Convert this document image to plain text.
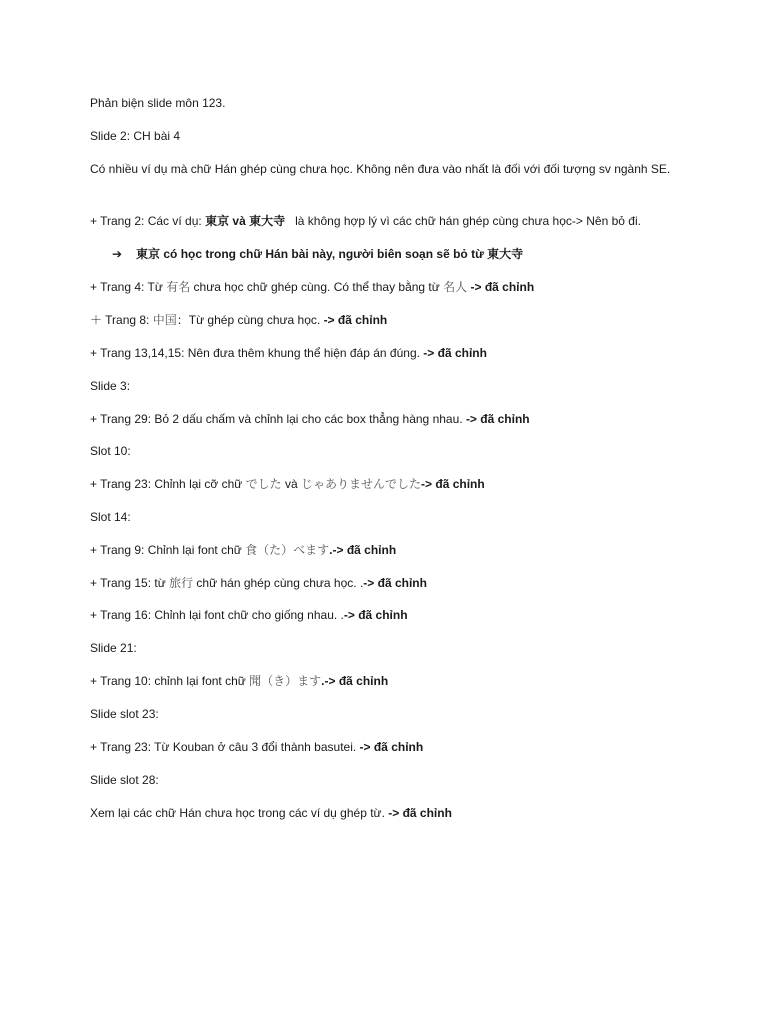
Phản biện slide môn 123.
Slide 2: CH bài 4
Có nhiều ví dụ mà chữ Hán ghép cùng chưa học. Không nên đưa vào nhất là đối với đối tượng sv ngành SE.
+ Trang 2: Các ví dụ: 東京 và 東大寺 là không hợp lý vì các chữ hán ghép cùng chưa học-> Nên bỏ đi.
➔ 東京 có học trong chữ Hán bài này, người biên soạn sẽ bỏ từ 東大寺
+ Trang 4: Từ 有名 chưa học chữ ghép cùng. Có thể thay bằng từ 名人 -> đã chỉnh
＋ Trang 8: 中国：Từ ghép cùng chưa học. -> đã chỉnh
+ Trang 13,14,15: Nên đưa thêm khung thể hiện đáp án đúng. -> đã chỉnh
Slide 3:
+ Trang 29: Bỏ 2 dấu chấm và chỉnh lại cho các box thẳng hàng nhau. -> đã chỉnh
Slot 10:
+ Trang 23: Chỉnh lại cỡ chữ でした và じゃありませんでした-> đã chỉnh
Slot 14:
+ Trang 9: Chỉnh lại font chữ 食（た）べます.-> đã chỉnh
+ Trang 15: từ 旅行 chữ hán ghép cùng chưa học. .-> đã chỉnh
+ Trang 16: Chỉnh lại font chữ cho giống nhau. .-> đã chỉnh
Slide 21:
+ Trang 10: chỉnh lại font chữ 聞（き）ます.-> đã chỉnh
Slide slot 23:
+ Trang 23: Từ Kouban ở câu 3 đổi thành basutei. -> đã chỉnh
Slide slot 28:
Xem lại các chữ Hán chưa học trong các ví dụ ghép từ. -> đã chỉnh
